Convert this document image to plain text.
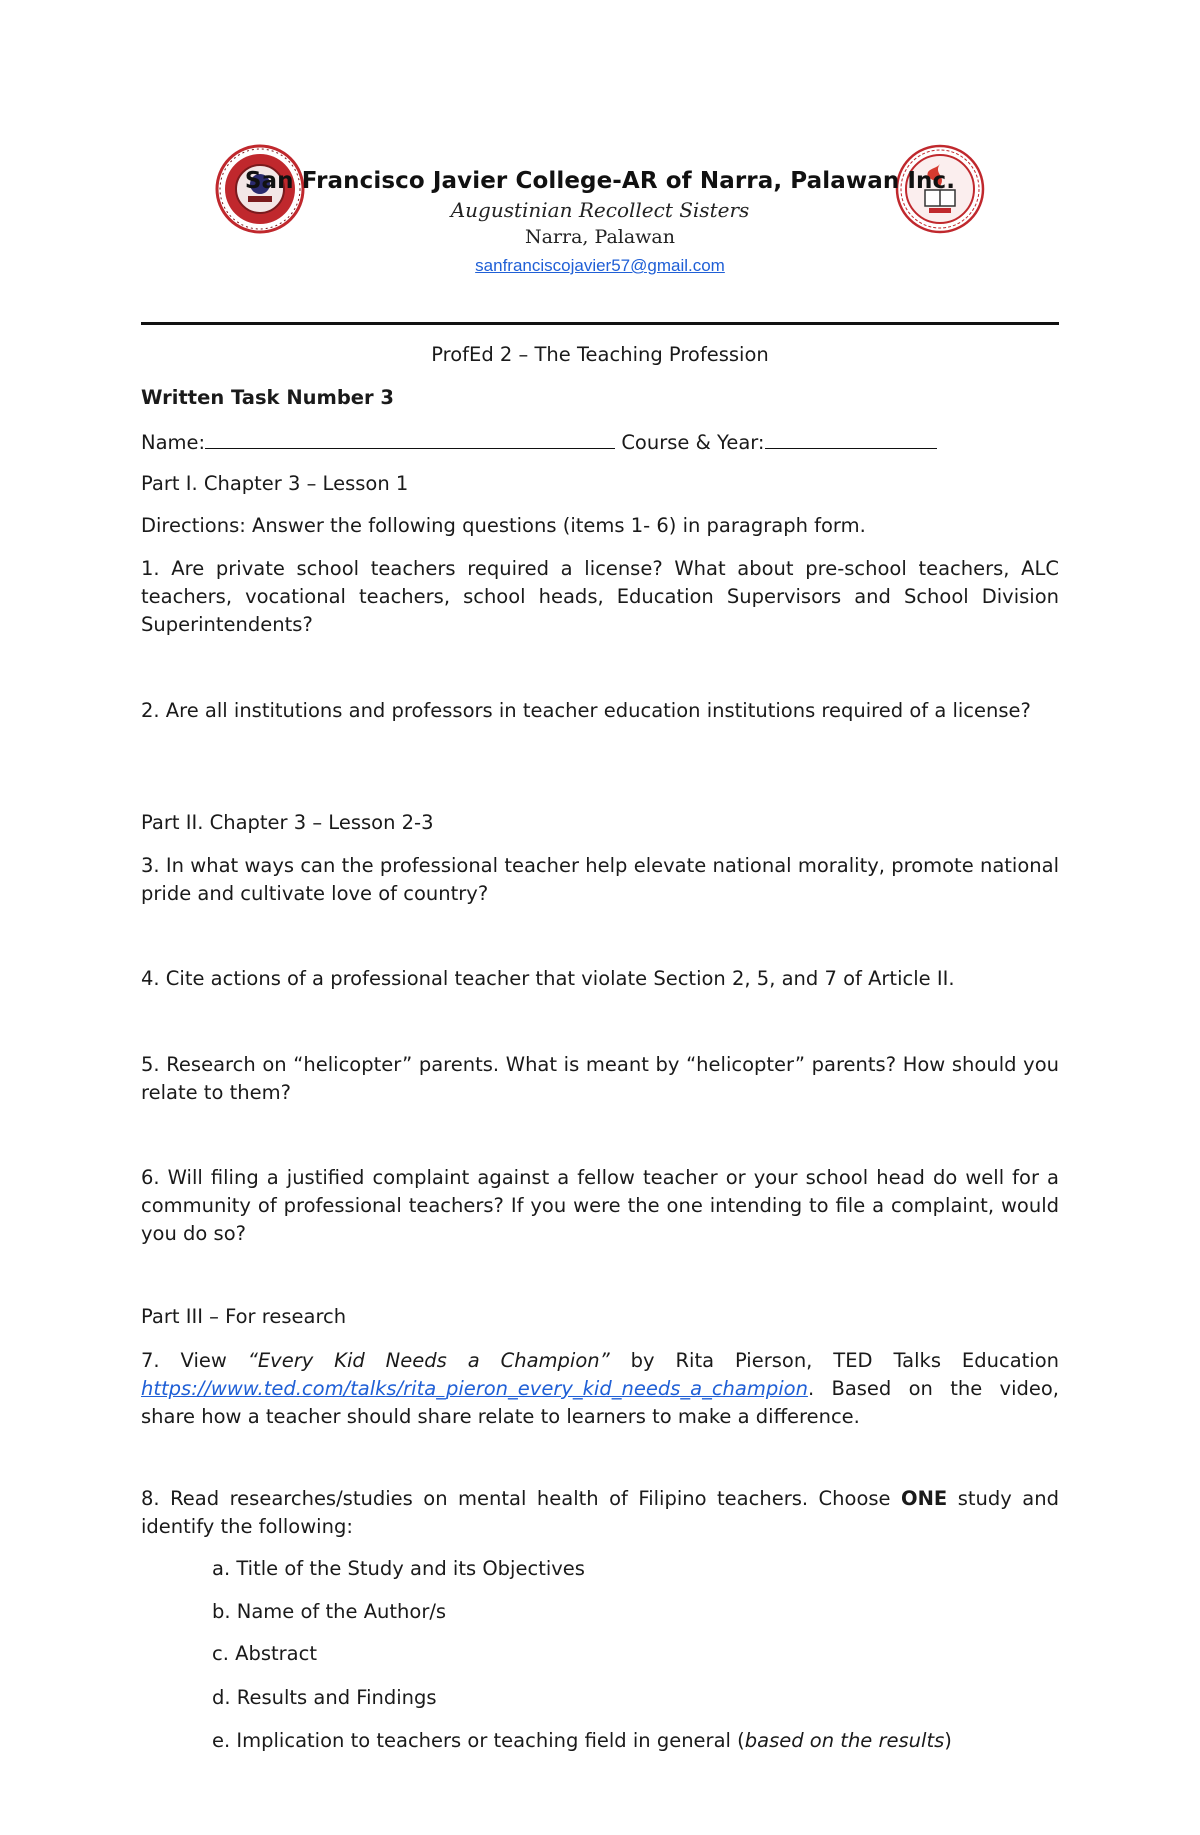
San Francisco Javier College-AR of Narra, Palawan Inc.
Augustinian Recollect Sisters
Narra, Palawan
sanfranciscojavier57@gmail.com
ProfEd 2 – The Teaching Profession
Written Task Number 3
Name:	Course & Year:
Part I. Chapter 3 – Lesson 1
Directions: Answer the following questions (items 1- 6) in paragraph form.
1. Are private school teachers required a license? What about pre-school teachers, ALC teachers, vocational teachers, school heads, Education Supervisors and School Division Superintendents?
2. Are all institutions and professors in teacher education institutions required of a license?
Part II. Chapter 3 – Lesson 2-3
3. In what ways can the professional teacher help elevate national morality, promote national pride and cultivate love of country?
4. Cite actions of a professional teacher that violate Section 2, 5, and 7 of Article II.
5. Research on “helicopter” parents. What is meant by “helicopter” parents? How should you relate to them?
6. Will filing a justified complaint against a fellow teacher or your school head do well for a community of professional teachers? If you were the one intending to file a complaint, would you do so?
Part III – For research
7. View “Every Kid Needs a Champion” by Rita Pierson, TED Talks Education https://www.ted.com/talks/rita_pieron_every_kid_needs_a_champion. Based on the video, share how a teacher should share relate to learners to make a difference.
8. Read researches/studies on mental health of Filipino teachers. Choose ONE study and identify the following:
a. Title of the Study and its Objectives
b. Name of the Author/s
c. Abstract
d. Results and Findings
e. Implication to teachers or teaching field in general (based on the results)
